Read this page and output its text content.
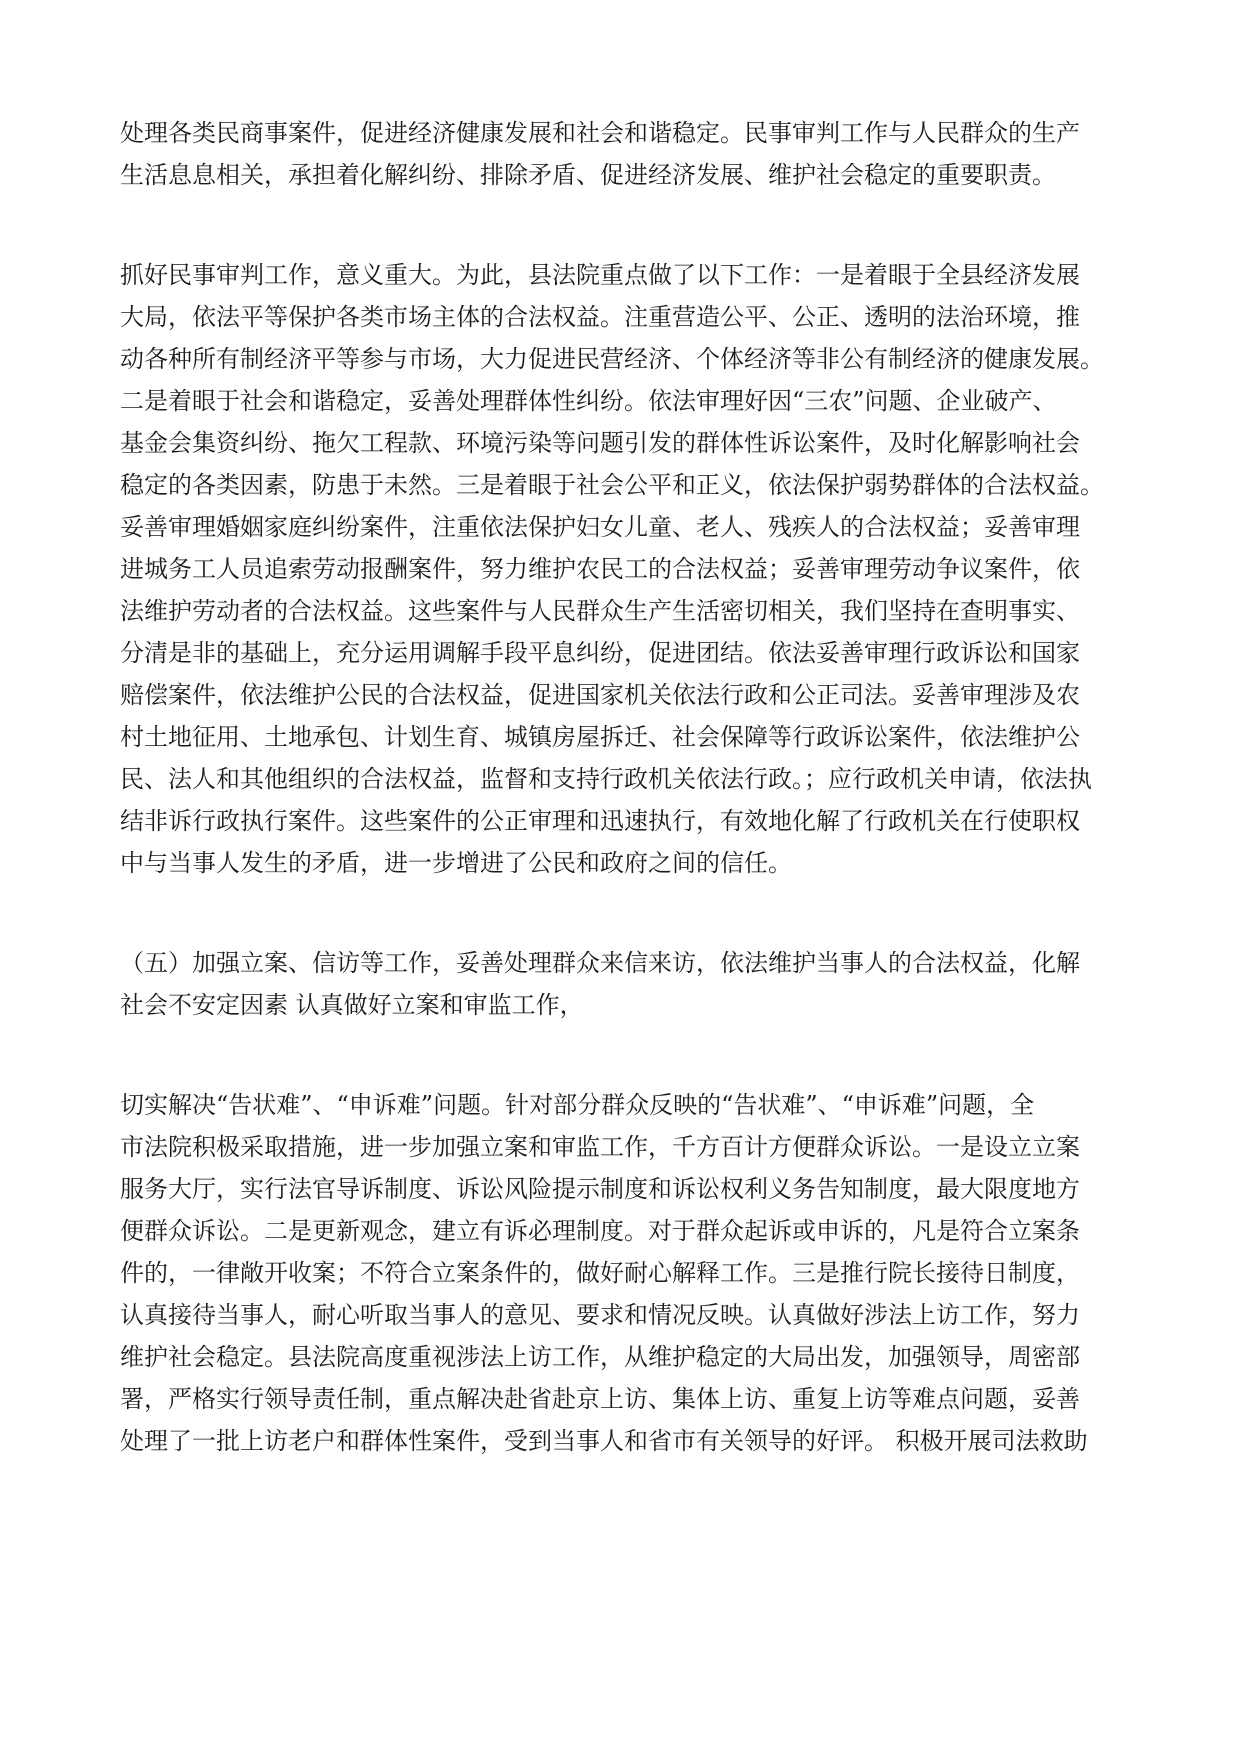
处理各类民商事案件，促进经济健康发展和社会和谐稳定。民事审判工作与人民群众的生产
生活息息相关，承担着化解纠纷、排除矛盾、促进经济发展、维护社会稳定的重要职责。
抓好民事审判工作，意义重大。为此，县法院重点做了以下工作：一是着眼于全县经济发展
大局，依法平等保护各类市场主体的合法权益。注重营造公平、公正、透明的法治环境，推
动各种所有制经济平等参与市场，大力促进民营经济、个体经济等非公有制经济的健康发展。
二是着眼于社会和谐稳定，妥善处理群体性纠纷。依法审理好因“三农”问题、企业破产、
基金会集资纠纷、拖欠工程款、环境污染等问题引发的群体性诉讼案件，及时化解影响社会
稳定的各类因素，防患于未然。三是着眼于社会公平和正义，依法保护弱势群体的合法权益。
妥善审理婚姻家庭纠纷案件，注重依法保护妇女儿童、老人、残疾人的合法权益；妥善审理
进城务工人员追索劳动报酬案件，努力维护农民工的合法权益；妥善审理劳动争议案件，依
法维护劳动者的合法权益。这些案件与人民群众生产生活密切相关，我们坚持在查明事实、
分清是非的基础上，充分运用调解手段平息纠纷，促进团结。依法妥善审理行政诉讼和国家
赔偿案件，依法维护公民的合法权益，促进国家机关依法行政和公正司法。妥善审理涉及农
村土地征用、土地承包、计划生育、城镇房屋拆迁、社会保障等行政诉讼案件，依法维护公
民、法人和其他组织的合法权益，监督和支持行政机关依法行政。；应行政机关申请，依法执
结非诉行政执行案件。这些案件的公正审理和迅速执行，有效地化解了行政机关在行使职权
中与当事人发生的矛盾，进一步增进了公民和政府之间的信任。
（五）加强立案、信访等工作，妥善处理群众来信来访，依法维护当事人的合法权益，化解
社会不安定因素 认真做好立案和审监工作，
切实解决“告状难”、“申诉难”问题。针对部分群众反映的“告状难”、“申诉难”问题，全
市法院积极采取措施，进一步加强立案和审监工作，千方百计方便群众诉讼。一是设立立案
服务大厅，实行法官导诉制度、诉讼风险提示制度和诉讼权利义务告知制度，最大限度地方
便群众诉讼。二是更新观念，建立有诉必理制度。对于群众起诉或申诉的，凡是符合立案条
件的，一律敞开收案；不符合立案条件的，做好耐心解释工作。三是推行院长接待日制度，
认真接待当事人，耐心听取当事人的意见、要求和情况反映。认真做好涉法上访工作，努力
维护社会稳定。县法院高度重视涉法上访工作，从维护稳定的大局出发，加强领导，周密部
署，严格实行领导责任制，重点解决赴省赴京上访、集体上访、重复上访等难点问题，妥善
处理了一批上访老户和群体性案件，受到当事人和省市有关领导的好评。 积极开展司法救助
